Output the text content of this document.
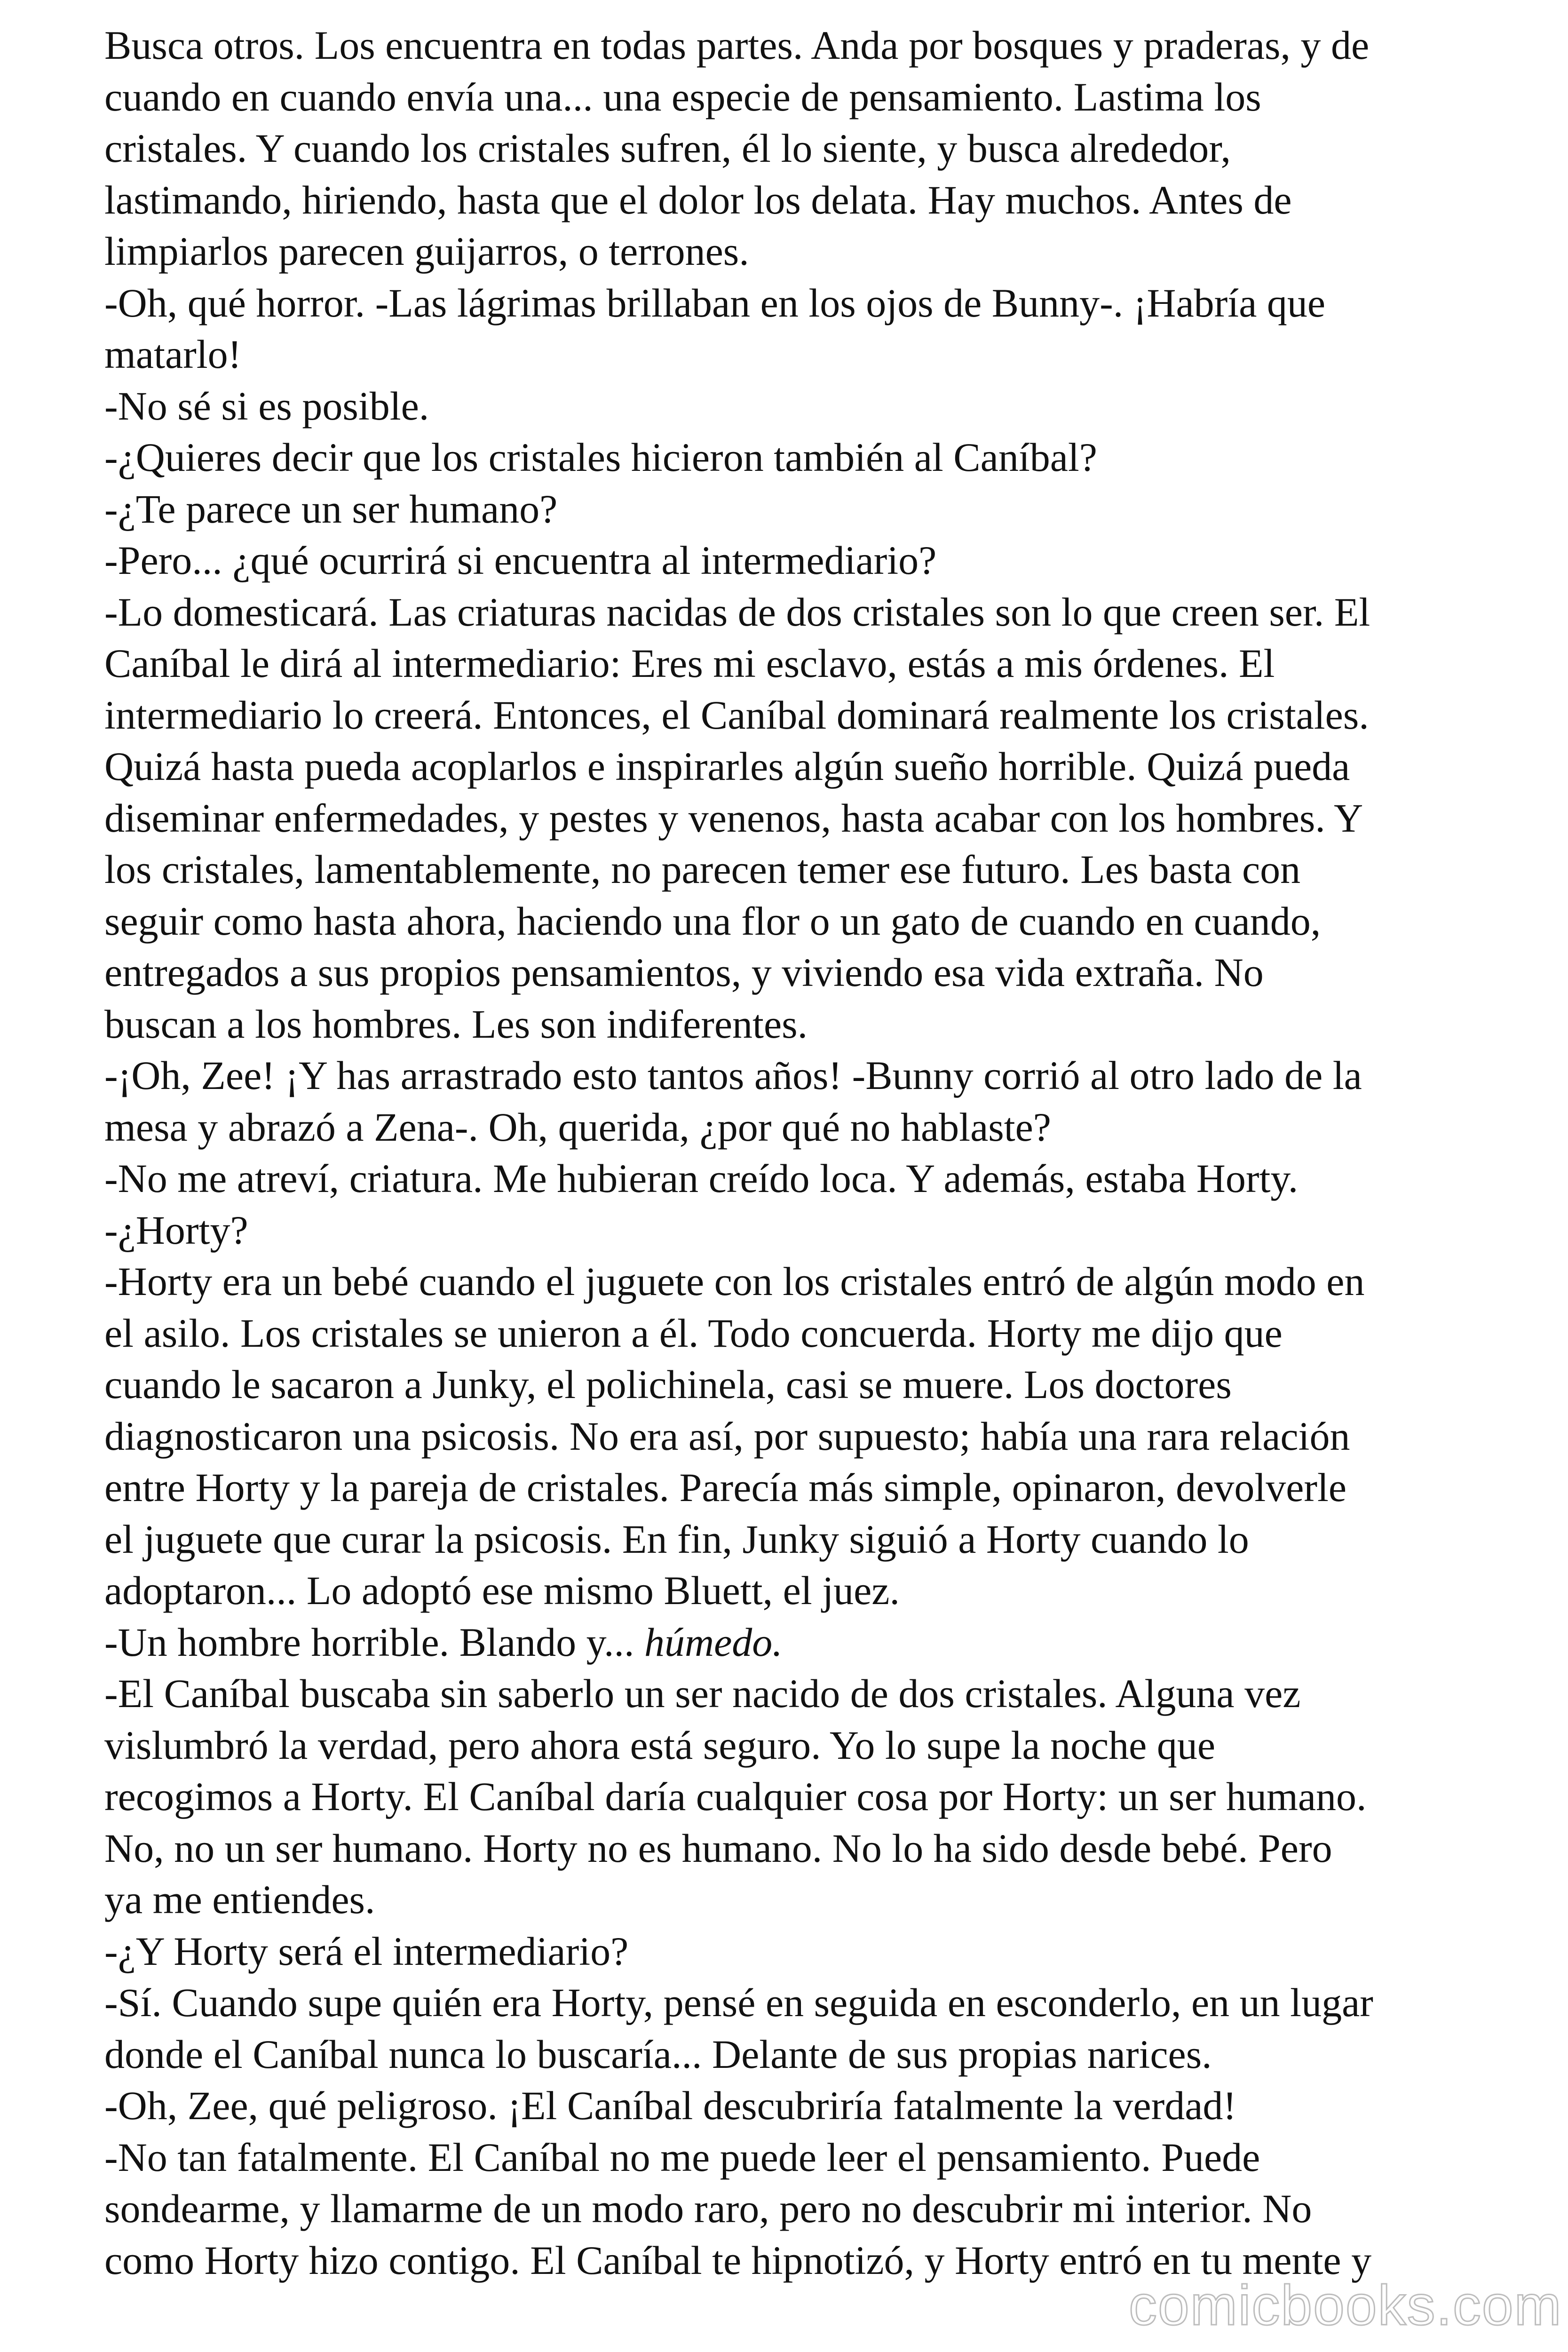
Busca otros. Los encuentra en todas partes. Anda por bosques y praderas, y de
cuando en cuando envía una... una especie de pensamiento. Lastima los
cristales. Y cuando los cristales sufren, él lo siente, y busca alrededor,
lastimando, hiriendo, hasta que el dolor los delata. Hay muchos. Antes de
limpiarlos parecen guijarros, o terrones.
-Oh, qué horror. -Las lágrimas brillaban en los ojos de Bunny-. ¡Habría que
matarlo!
-No sé si es posible.
-¿Quieres decir que los cristales hicieron también al Caníbal?
-¿Te parece un ser humano?
-Pero... ¿qué ocurrirá si encuentra al intermediario?
-Lo domesticará. Las criaturas nacidas de dos cristales son lo que creen ser. El
Caníbal le dirá al intermediario: Eres mi esclavo, estás a mis órdenes. El
intermediario lo creerá. Entonces, el Caníbal dominará realmente los cristales.
Quizá hasta pueda acoplarlos e inspirarles algún sueño horrible. Quizá pueda
diseminar enfermedades, y pestes y venenos, hasta acabar con los hombres. Y
los cristales, lamentablemente, no parecen temer ese futuro. Les basta con
seguir como hasta ahora, haciendo una flor o un gato de cuando en cuando,
entregados a sus propios pensamientos, y viviendo esa vida extraña. No
buscan a los hombres. Les son indiferentes.
-¡Oh, Zee! ¡Y has arrastrado esto tantos años! -Bunny corrió al otro lado de la
mesa y abrazó a Zena-. Oh, querida, ¿por qué no hablaste?
-No me atreví, criatura. Me hubieran creído loca. Y además, estaba Horty.
-¿Horty?
-Horty era un bebé cuando el juguete con los cristales entró de algún modo en
el asilo. Los cristales se unieron a él. Todo concuerda. Horty me dijo que
cuando le sacaron a Junky, el polichinela, casi se muere. Los doctores
diagnosticaron una psicosis. No era así, por supuesto; había una rara relación
entre Horty y la pareja de cristales. Parecía más simple, opinaron, devolverle
el juguete que curar la psicosis. En fin, Junky siguió a Horty cuando lo
adoptaron... Lo adoptó ese mismo Bluett, el juez.
-Un hombre horrible. Blando y... húmedo.
-El Caníbal buscaba sin saberlo un ser nacido de dos cristales. Alguna vez
vislumbró la verdad, pero ahora está seguro. Yo lo supe la noche que
recogimos a Horty. El Caníbal daría cualquier cosa por Horty: un ser humano.
No, no un ser humano. Horty no es humano. No lo ha sido desde bebé. Pero
ya me entiendes.
-¿Y Horty será el intermediario?
-Sí. Cuando supe quién era Horty, pensé en seguida en esconderlo, en un lugar
donde el Caníbal nunca lo buscaría... Delante de sus propias narices.
-Oh, Zee, qué peligroso. ¡El Caníbal descubriría fatalmente la verdad!
-No tan fatalmente. El Caníbal no me puede leer el pensamiento. Puede
sondearme, y llamarme de un modo raro, pero no descubrir mi interior. No
como Horty hizo contigo. El Caníbal te hipnotizó, y Horty entró en tu mente y
comicbooks.com
